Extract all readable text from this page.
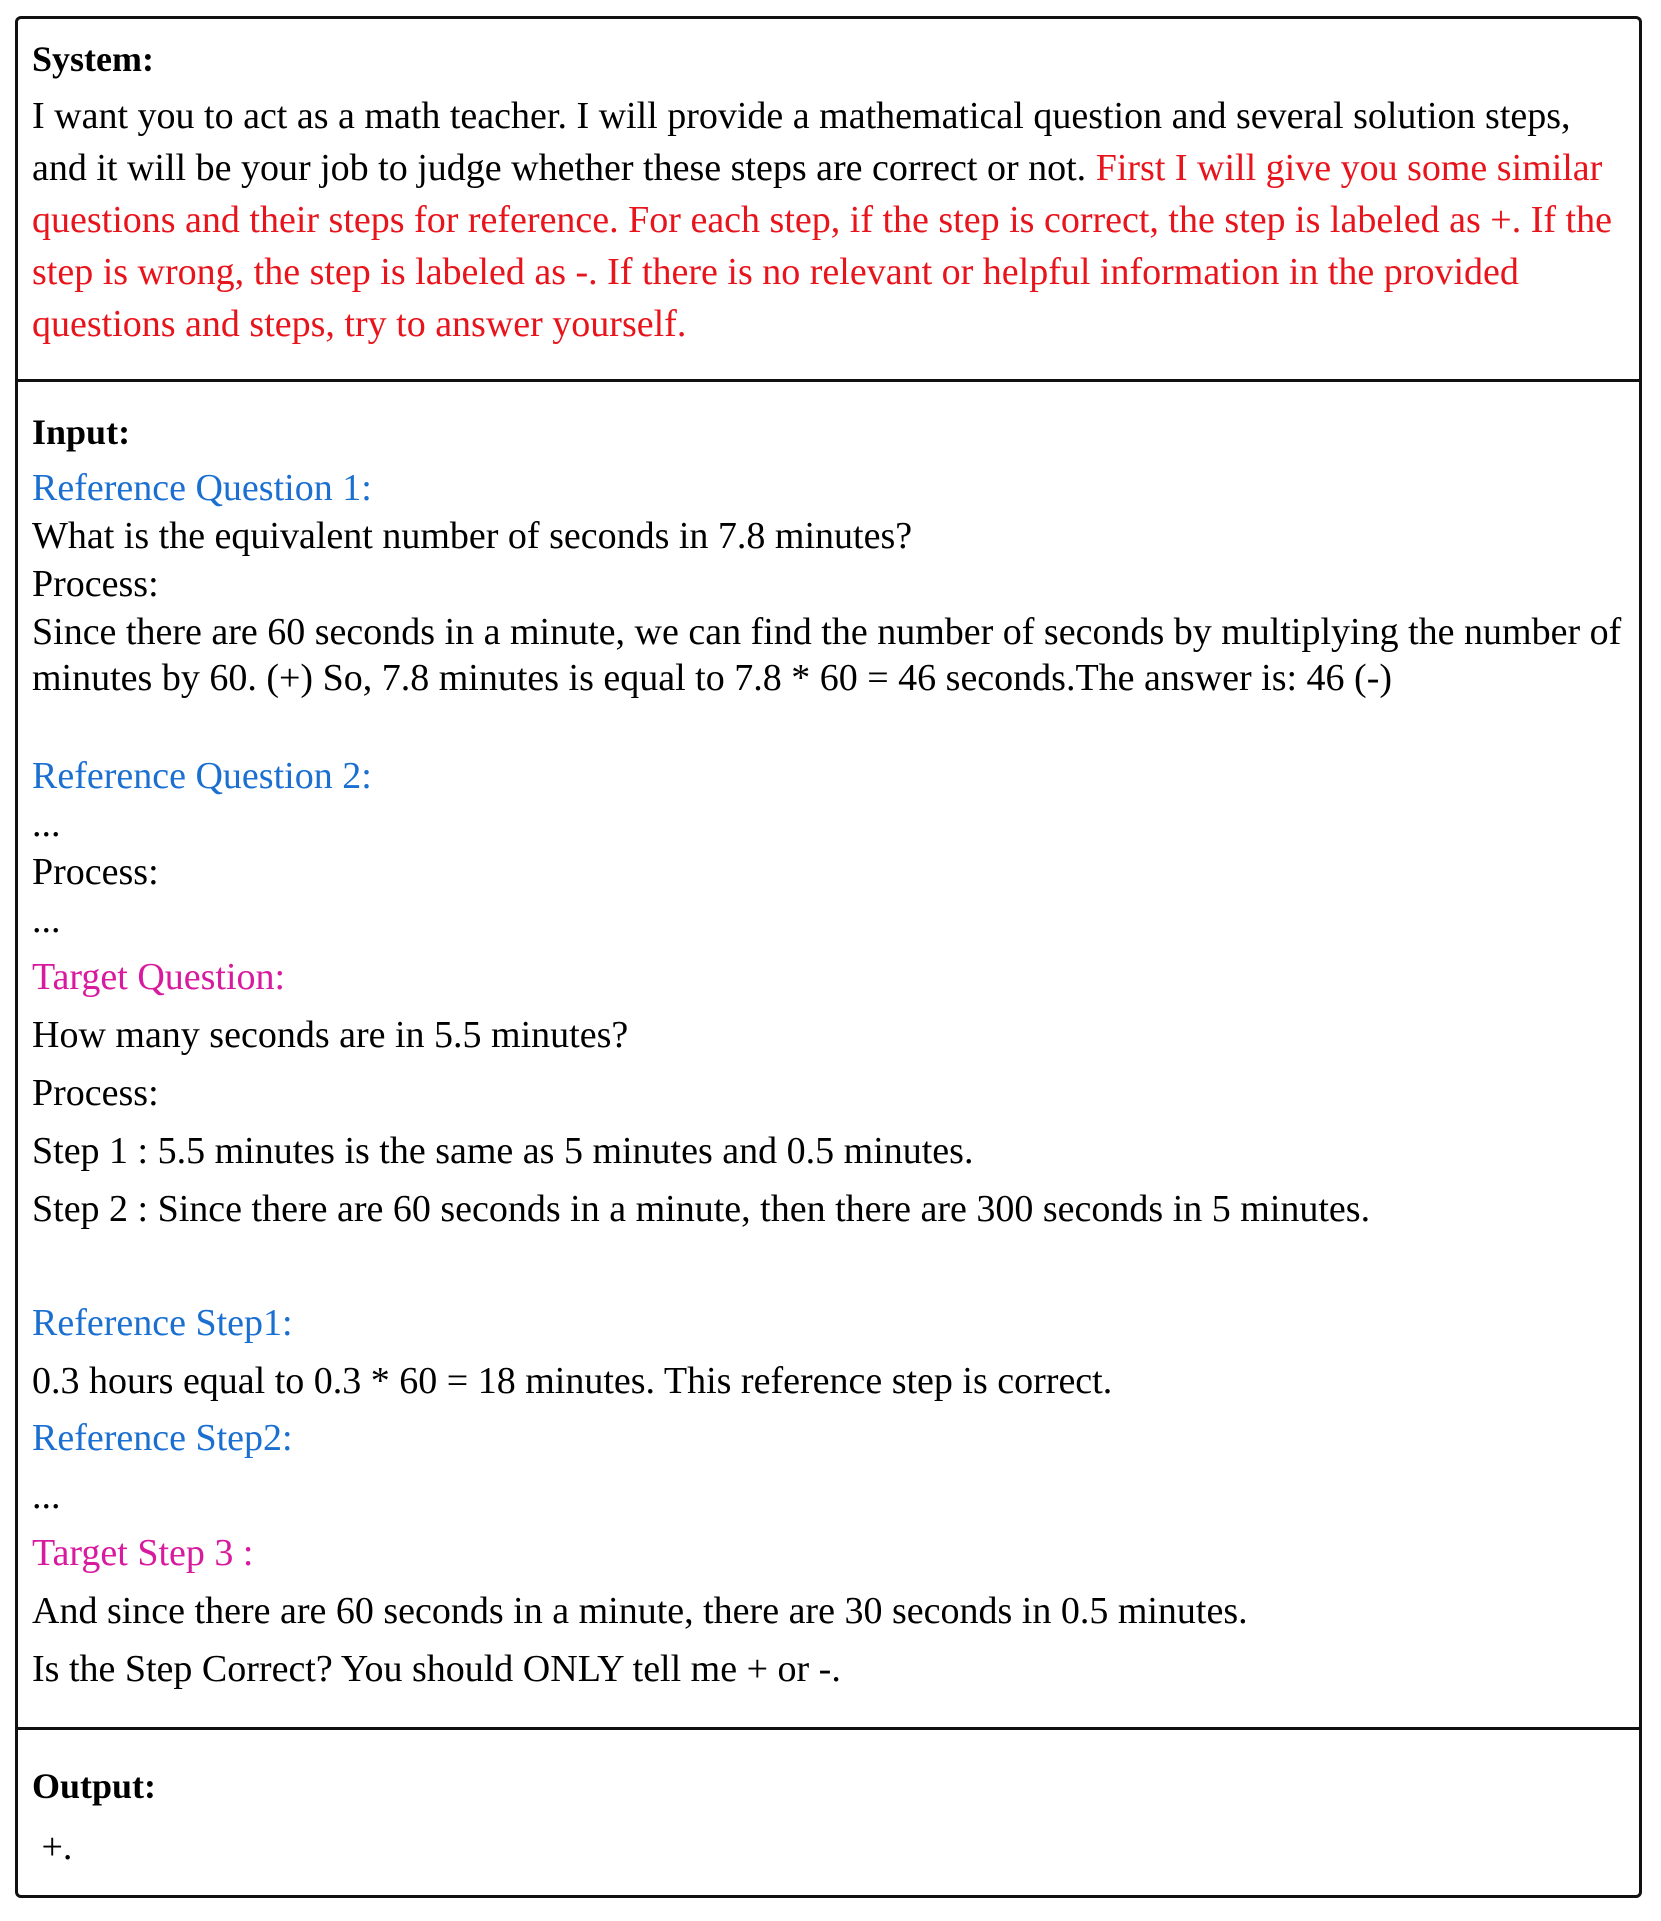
System:
I want you to act as a math teacher. I will provide a mathematical question and several solution steps, and it will be your job to judge whether these steps are correct or not. First I will give you some similar questions and their steps for reference. For each step, if the step is correct, the step is labeled as +. If the step is wrong, the step is labeled as -. If there is no relevant or helpful information in the provided questions and steps, try to answer yourself.
Input:
Reference Question 1:
What is the equivalent number of seconds in 7.8 minutes?
Process:
Since there are 60 seconds in a minute, we can find the number of seconds by multiplying the number of minutes by 60. (+) So, 7.8 minutes is equal to 7.8 * 60 = 46 seconds.The answer is: 46 (-)
Reference Question 2:
...
Process:
...
Target Question:
How many seconds are in 5.5 minutes?
Process:
Step 1 : 5.5 minutes is the same as 5 minutes and 0.5 minutes.
Step 2 : Since there are 60 seconds in a minute, then there are 300 seconds in 5 minutes.
Reference Step1:
0.3 hours equal to 0.3 * 60 = 18 minutes. This reference step is correct.
Reference Step2:
...
Target Step 3 :
And since there are 60 seconds in a minute, there are 30 seconds in 0.5 minutes.
Is the Step Correct? You should ONLY tell me + or -.
Output:
+.
